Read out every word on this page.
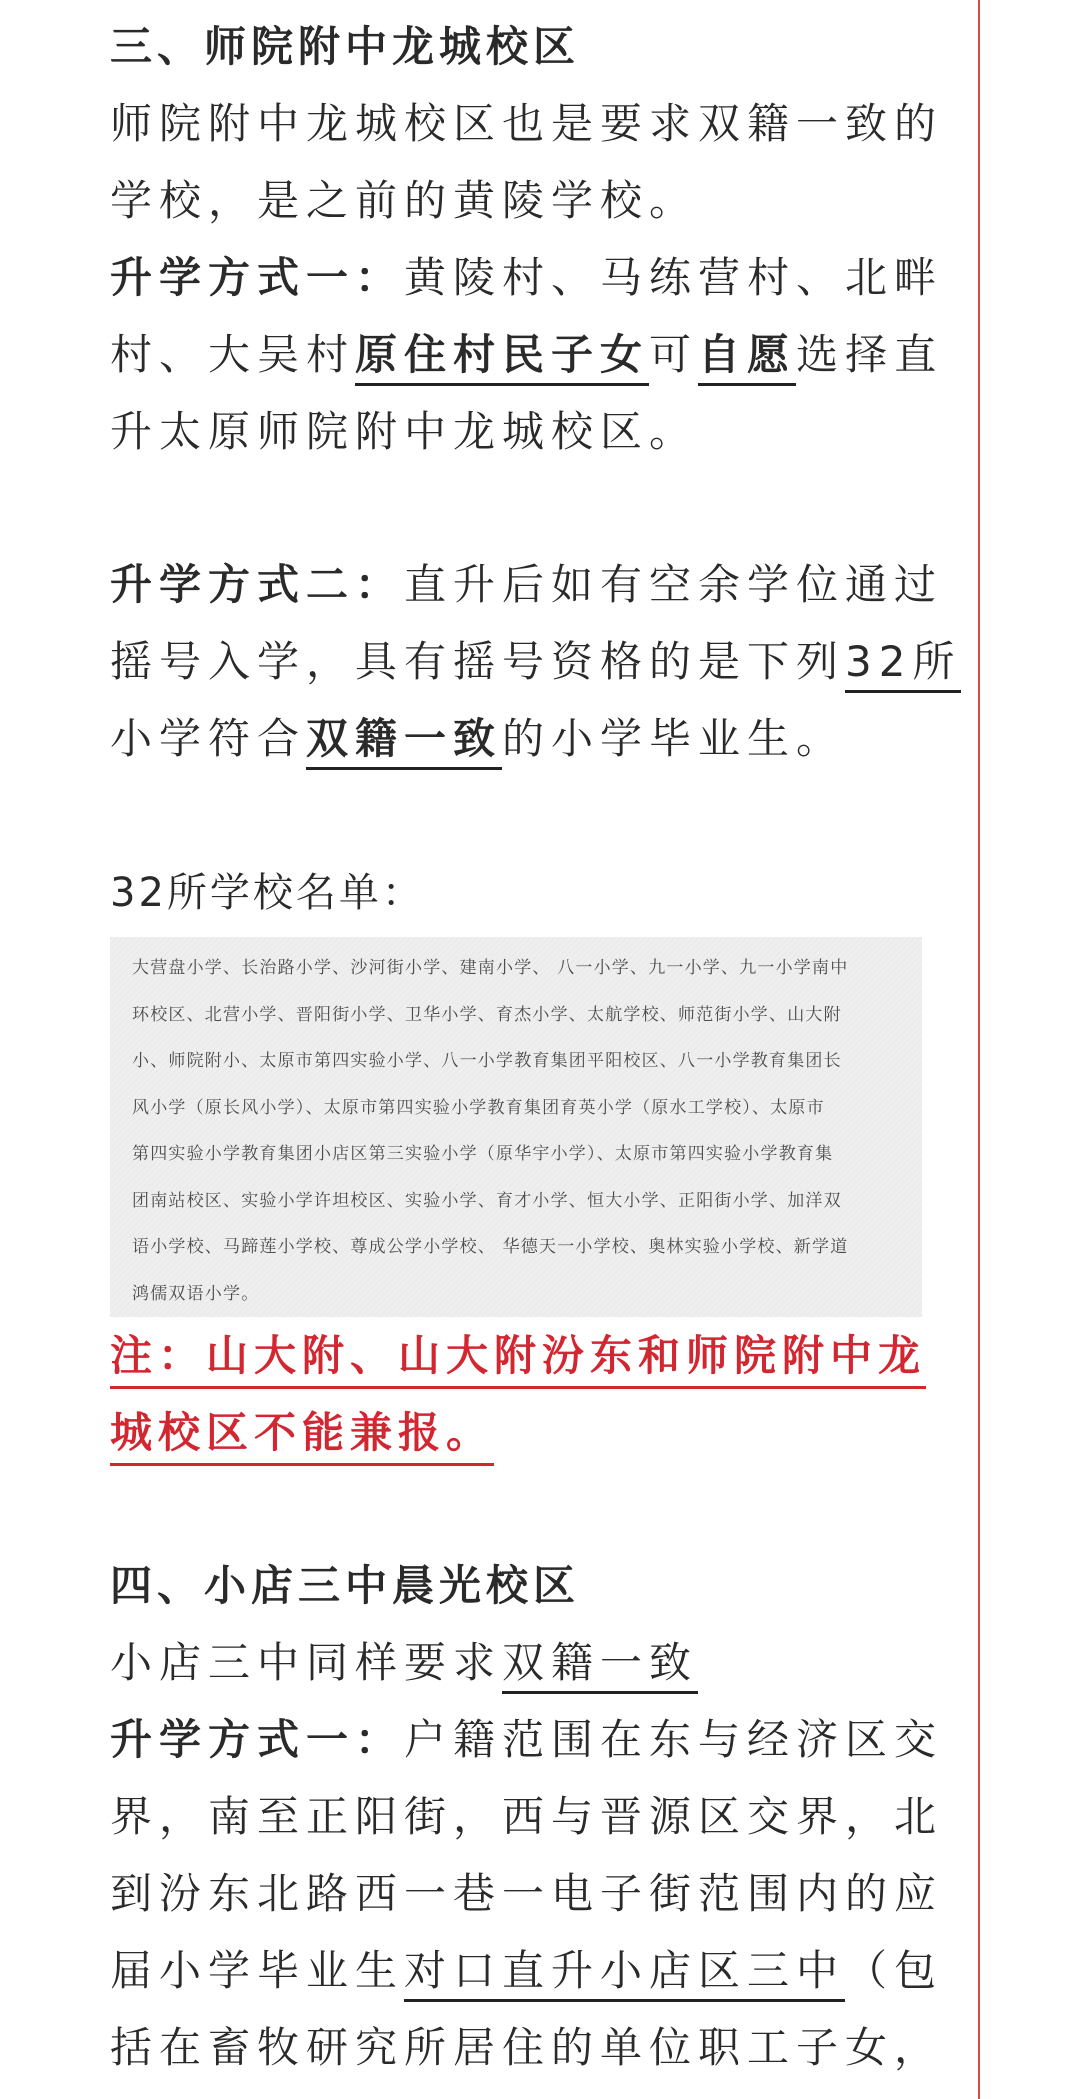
三、师院附中龙城校区
师院附中龙城校区也是要求双籍一致的
学校，是之前的黄陵学校。
升学方式一：黄陵村、马练营村、北畔
村、大吴村原住村民子女可自愿选择直
升太原师院附中龙城校区。
升学方式二：直升后如有空余学位通过
摇号入学，具有摇号资格的是下列32所
小学符合双籍一致的小学毕业生。
32所学校名单：
大营盘小学、长治路小学、沙河街小学、建南小学、 八一小学、九一小学、九一小学南中
环校区、北营小学、晋阳街小学、卫华小学、育杰小学、太航学校、师范街小学、山大附
小、师院附小、太原市第四实验小学、八一小学教育集团平阳校区、八一小学教育集团长
风小学（原长风小学）、太原市第四实验小学教育集团育英小学（原水工学校）、太原市
第四实验小学教育集团小店区第三实验小学（原华宇小学）、太原市第四实验小学教育集
团南站校区、实验小学许坦校区、实验小学、育才小学、恒大小学、正阳街小学、加洋双
语小学校、马蹄莲小学校、尊成公学小学校、 华德天一小学校、奥林实验小学校、新学道
鸿儒双语小学。
注：山大附、山大附汾东和师院附中龙
城校区不能兼报。
四、小店三中晨光校区
小店三中同样要求双籍一致
升学方式一：户籍范围在东与经济区交
界，南至正阳街，西与晋源区交界，北
到汾东北路西一巷一电子街范围内的应
届小学毕业生对口直升小店区三中（包
括在畜牧研究所居住的单位职工子女，
